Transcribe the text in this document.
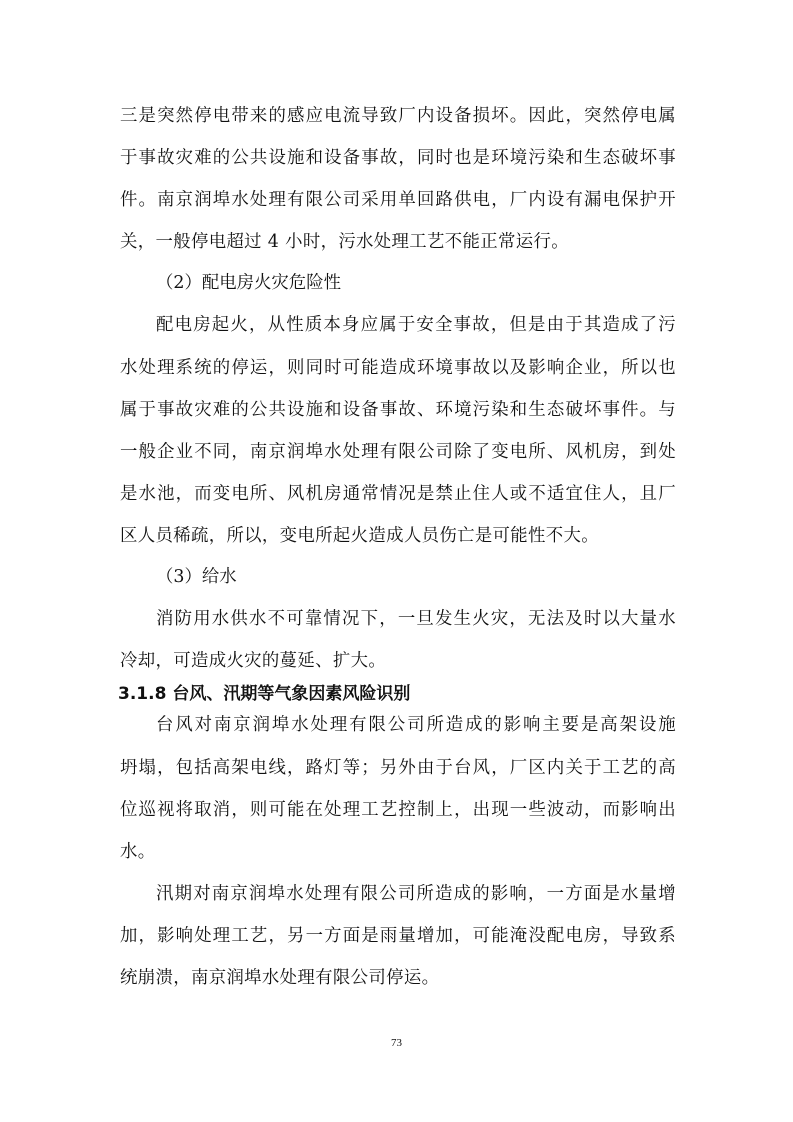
三是突然停电带来的感应电流导致厂内设备损坏。因此，突然停电属
于事故灾难的公共设施和设备事故，同时也是环境污染和生态破坏事
件。南京润埠水处理有限公司采用单回路供电，厂内设有漏电保护开
关，一般停电超过 4 小时，污水处理工艺不能正常运行。
（2）配电房火灾危险性
配电房起火，从性质本身应属于安全事故，但是由于其造成了污
水处理系统的停运，则同时可能造成环境事故以及影响企业，所以也
属于事故灾难的公共设施和设备事故、环境污染和生态破坏事件。与
一般企业不同，南京润埠水处理有限公司除了变电所、风机房，到处
是水池，而变电所、风机房通常情况是禁止住人或不适宜住人，且厂
区人员稀疏，所以，变电所起火造成人员伤亡是可能性不大。
（3）给水
消防用水供水不可靠情况下，一旦发生火灾，无法及时以大量水
冷却，可造成火灾的蔓延、扩大。
3.1.8 台风、汛期等气象因素风险识别
台风对南京润埠水处理有限公司所造成的影响主要是高架设施
坍塌，包括高架电线，路灯等；另外由于台风，厂区内关于工艺的高
位巡视将取消，则可能在处理工艺控制上，出现一些波动，而影响出
水。
汛期对南京润埠水处理有限公司所造成的影响，一方面是水量增
加，影响处理工艺，另一方面是雨量增加，可能淹没配电房，导致系
统崩溃，南京润埠水处理有限公司停运。
73
